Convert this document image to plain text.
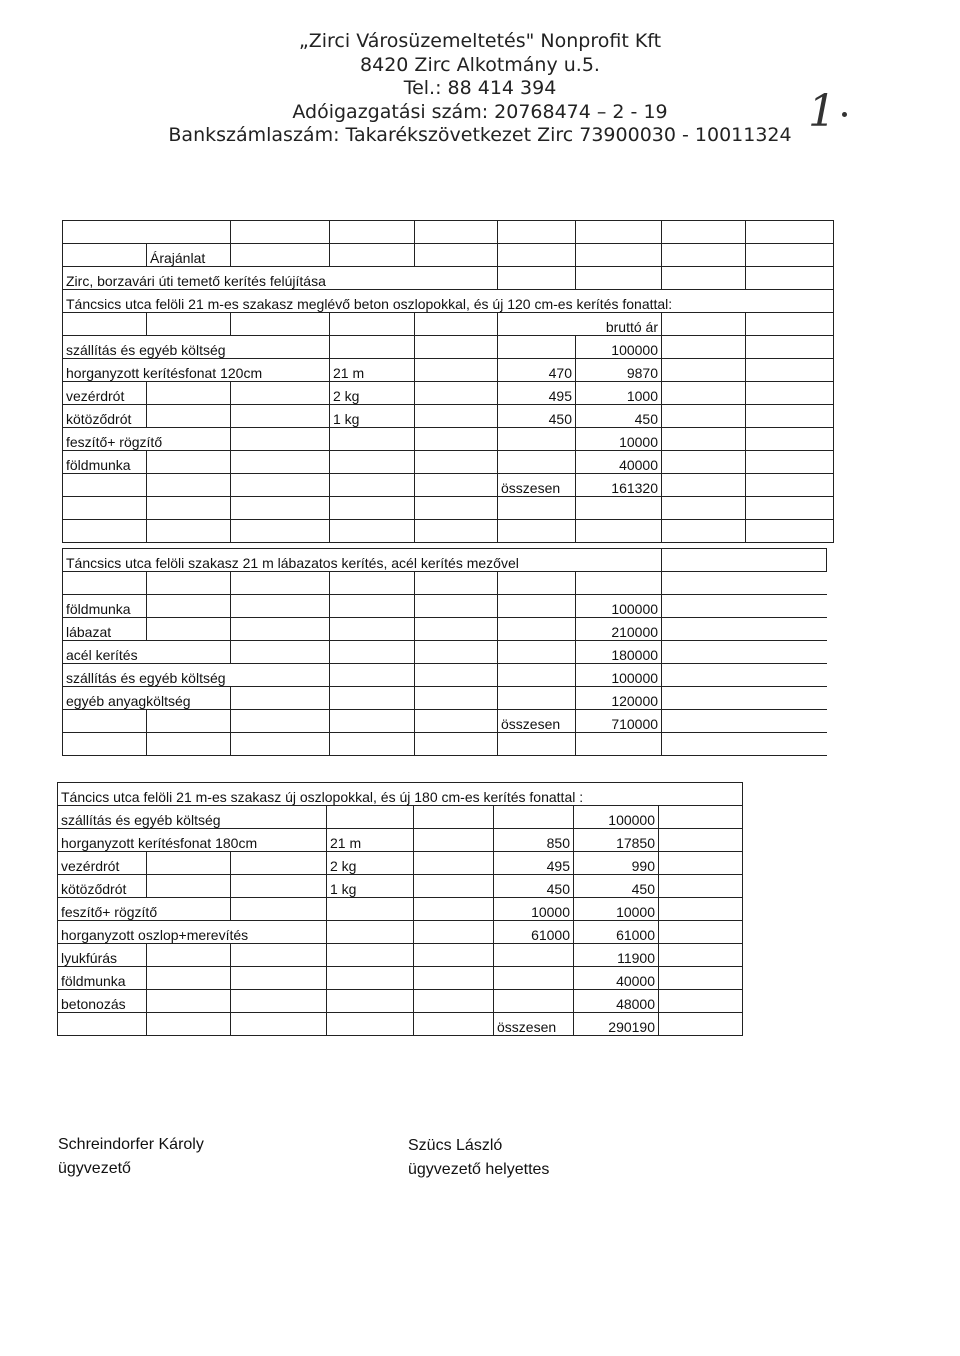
„Zirci Városüzemeltetés" Nonprofit Kft
8420 Zirc Alkotmány u.5.
Tel.: 88 414 394
Adóigazgatási szám: 20768474 – 2 - 19
Bankszámlaszám: Takarékszövetkezet Zirc 73900030 - 10011324 1

	Árajánlat							
Zirc, borzavári úti temető kerítés felújítása								
Táncsics utca felöli 21 m-es szakasz meglévő beton oszlopokkal, és új 120 cm-es kerítés fonattal:								
					bruttó ár			
szállítás és egyéb költség						100000		
horganyzott kerítésfonat 120cm			21 m		470	9870		
vezérdrót			2 kg		495	1000		
kötöződrót			1 kg		450	450		
feszítő+ rögzítő						10000		
földmunka						40000		
					összesen	161320		

Táncsics utca felöli szakasz 21 m lábazatos kerítés, acél kerítés mezővel							

földmunka						100000	
lábazat						210000	
acél kerítés						180000	
szállítás és egyéb költség						100000	
egyéb anyagköltség						120000	
					összesen	710000	

Táncics utca felöli 21 m-es szakasz új oszlopokkal, és új 180 cm-es kerítés fonattal :							
szállítás és egyéb költség						100000	
horganyzott kerítésfonat 180cm			21 m		850	17850	
vezérdrót			2 kg		495	990	
kötöződrót			1 kg		450	450	
feszítő+ rögzítő					10000	10000	
horganyzott oszlop+merevítés					61000	61000	
lyukfúrás						11900	
földmunka						40000	
betonozás						48000	
					összesen	290190	
Schreindorfer Károly
ügyvezető
Szücs László
ügyvezető helyettes
